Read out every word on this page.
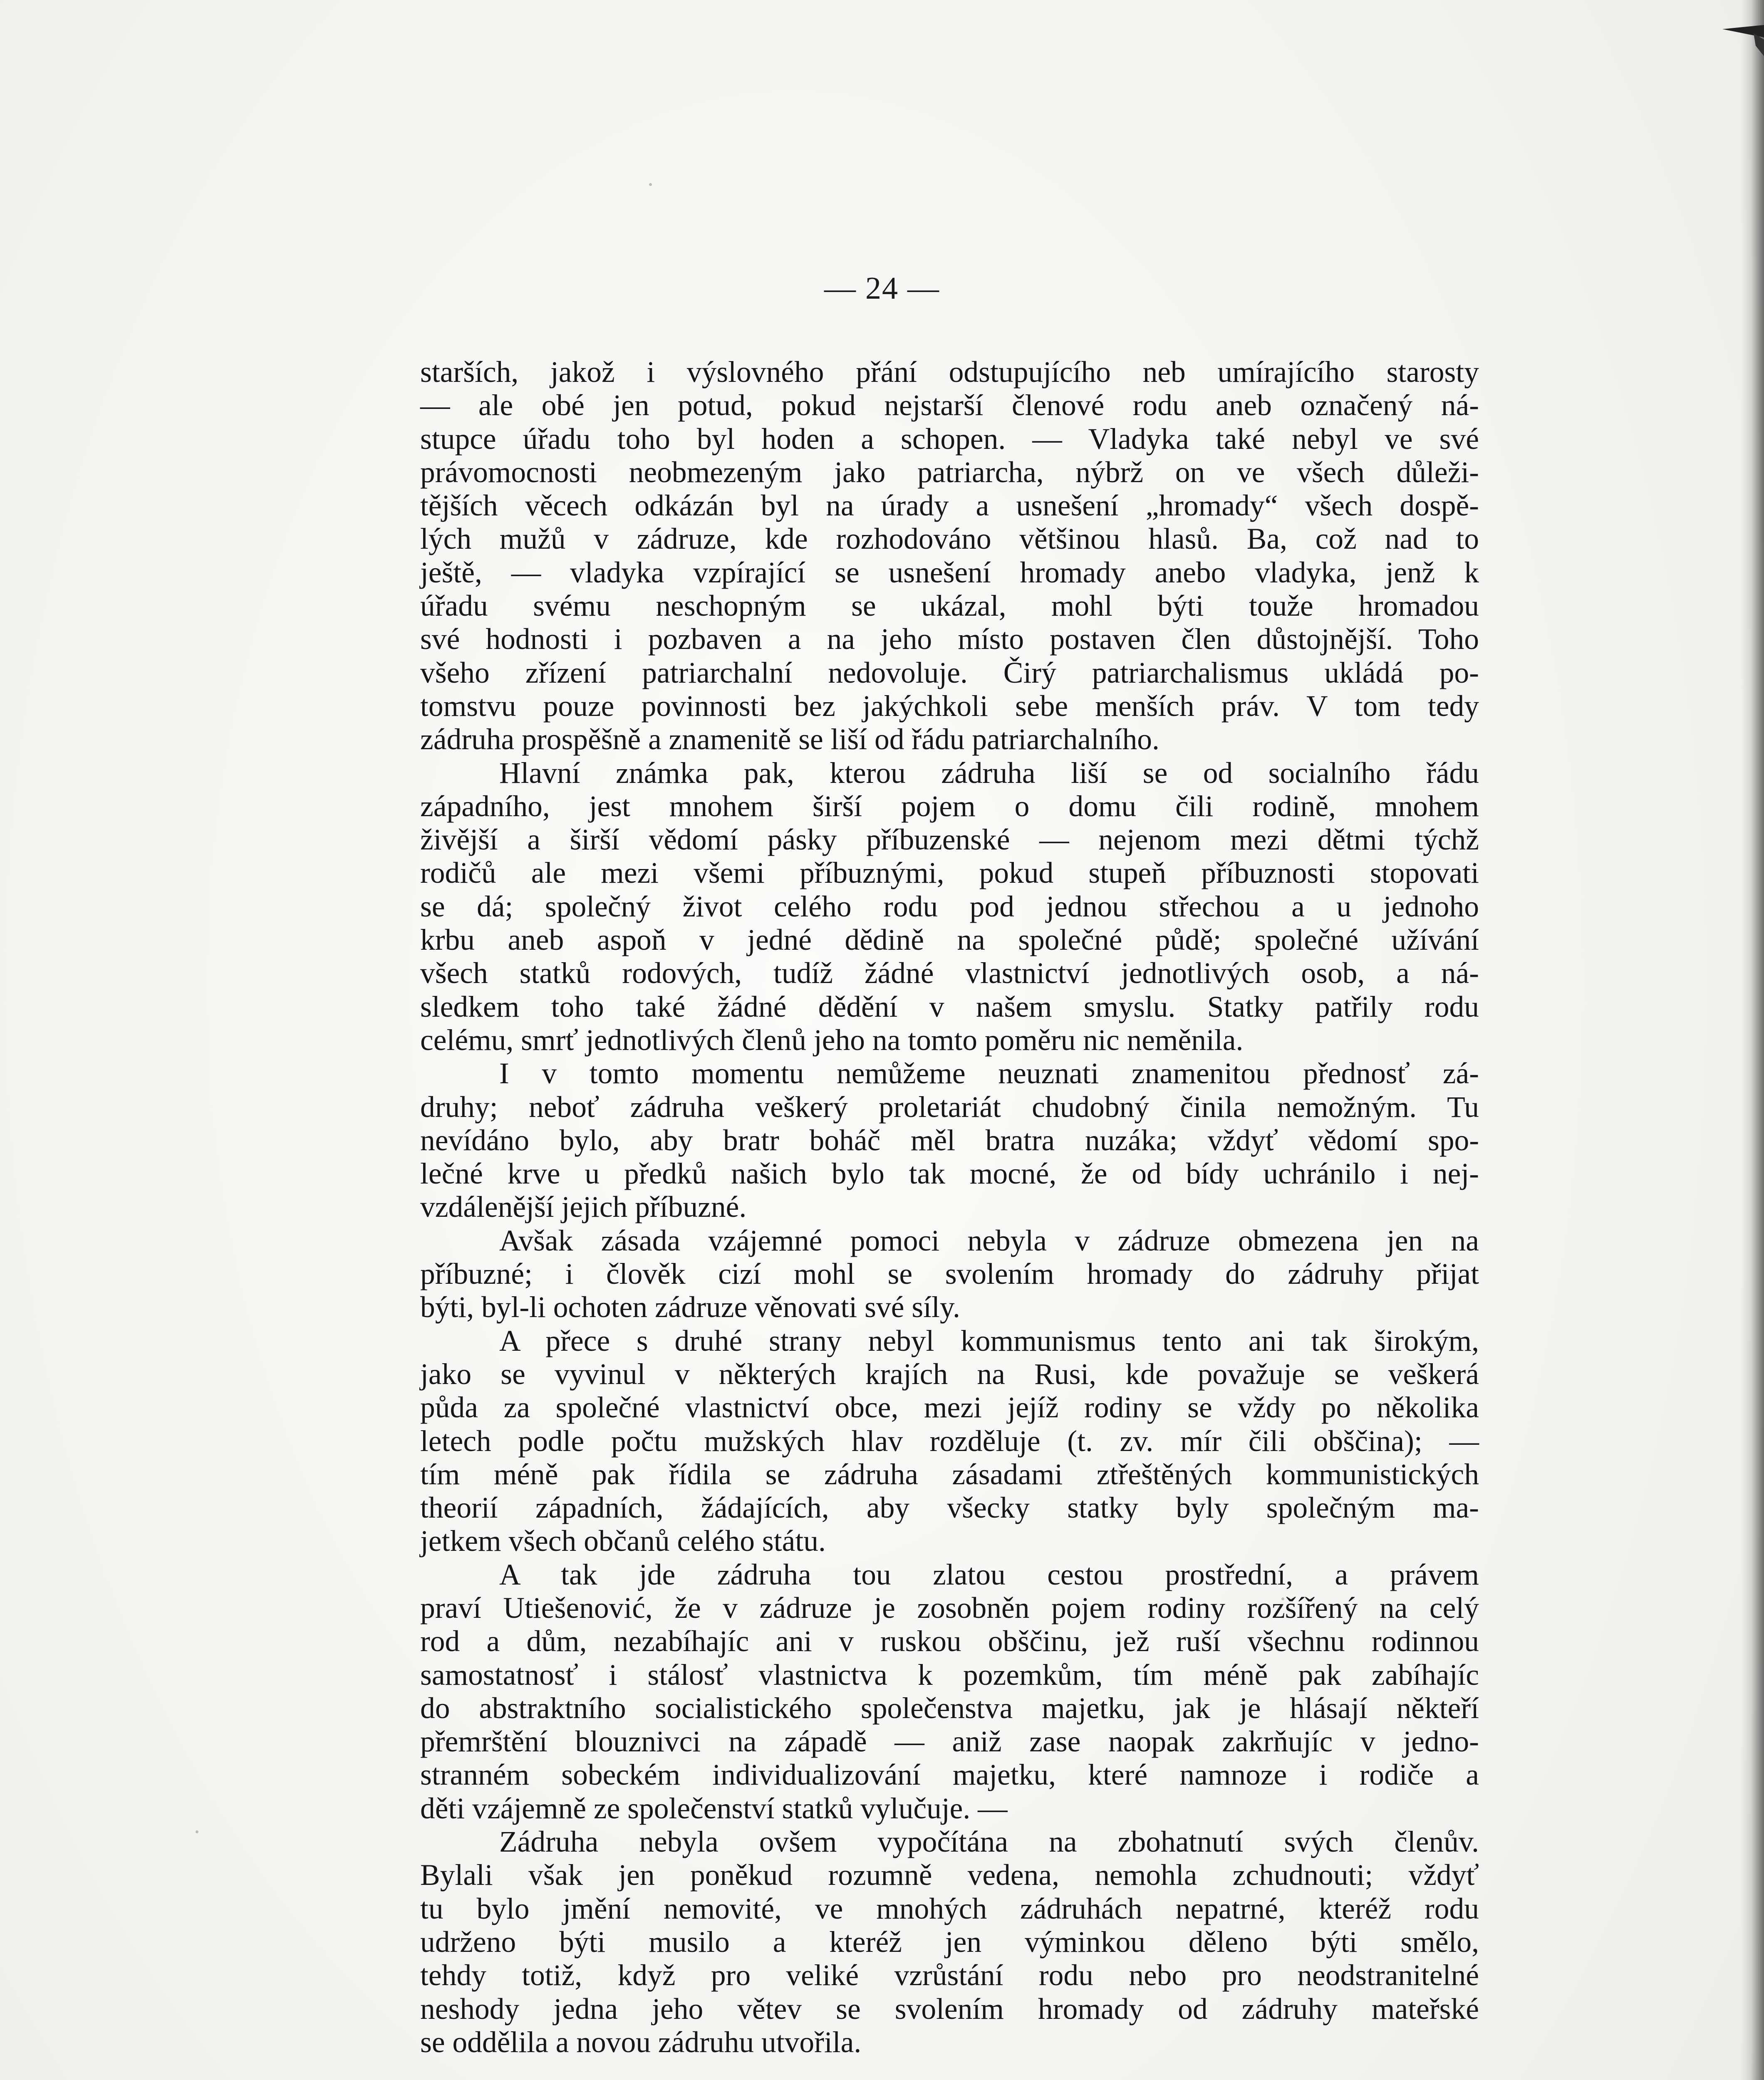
— 24 —
starších, jakož i výslovného přání odstupujícího neb umírajícího starosty
— ale obé jen potud, pokud nejstarší členové rodu aneb označený ná-
stupce úřadu toho byl hoden a schopen. — Vladyka také nebyl ve své
právomocnosti neobmezeným jako patriarcha, nýbrž on ve všech důleži-
tějších věcech odkázán byl na úrady a usnešení „hromady“ všech dospě-
lých mužů v zádruze, kde rozhodováno většinou hlasů. Ba, což nad to
ještě, — vladyka vzpírající se usnešení hromady anebo vladyka, jenž k
úřadu svému neschopným se ukázal, mohl býti touže hromadou
své hodnosti i pozbaven a na jeho místo postaven člen důstojnější. Toho
všeho zřízení patriarchalní nedovoluje. Čirý patriarchalismus ukládá po-
tomstvu pouze povinnosti bez jakýchkoli sebe menších práv. V tom tedy
zádruha prospěšně a znamenitě se liší od řádu patriarchalního.
Hlavní známka pak, kterou zádruha liší se od socialního řádu
západního, jest mnohem širší pojem o domu čili rodině, mnohem
živější a širší vědomí pásky příbuzenské — nejenom mezi dětmi týchž
rodičů ale mezi všemi příbuznými, pokud stupeň příbuznosti stopovati
se dá; společný život celého rodu pod jednou střechou a u jednoho
krbu aneb aspoň v jedné dědině na společné půdě; společné užívání
všech statků rodových, tudíž žádné vlastnictví jednotlivých osob, a ná-
sledkem toho také žádné dědění v našem smyslu. Statky patřily rodu
celému, smrť jednotlivých členů jeho na tomto poměru nic neměnila.
I v tomto momentu nemůžeme neuznati znamenitou přednosť zá-
druhy; neboť zádruha veškerý proletariát chudobný činila nemožným. Tu
nevídáno bylo, aby bratr boháč měl bratra nuzáka; vždyť vědomí spo-
lečné krve u předků našich bylo tak mocné, že od bídy uchránilo i nej-
vzdálenější jejich příbuzné.
Avšak zásada vzájemné pomoci nebyla v zádruze obmezena jen na
příbuzné; i člověk cizí mohl se svolením hromady do zádruhy přijat
býti, byl-li ochoten zádruze věnovati své síly.
A přece s druhé strany nebyl kommunismus tento ani tak širokým,
jako se vyvinul v některých krajích na Rusi, kde považuje se veškerá
půda za společné vlastnictví obce, mezi jejíž rodiny se vždy po několika
letech podle počtu mužských hlav rozděluje (t. zv. mír čili obščina); —
tím méně pak řídila se zádruha zásadami ztřeštěných kommunistických
theorií západních, žádajících, aby všecky statky byly společným ma-
jetkem všech občanů celého státu.
A tak jde zádruha tou zlatou cestou prostřední, a právem
praví Utiešenović, že v zádruze je zosobněn pojem rodiny rozšířený na celý
rod a dům, nezabíhajíc ani v ruskou obščinu, jež ruší všechnu rodinnou
samostatnosť i stálosť vlastnictva k pozemkům, tím méně pak zabíhajíc
do abstraktního socialistického společenstva majetku, jak je hlásají někteří
přemrštění blouznivci na západě — aniž zase naopak zakrňujíc v jedno-
stranném sobeckém individualizování majetku, které namnoze i rodiče a
děti vzájemně ze společenství statků vylučuje. —
Zádruha nebyla ovšem vypočítána na zbohatnutí svých členův.
Bylali však jen poněkud rozumně vedena, nemohla zchudnouti; vždyť
tu bylo jmění nemovité, ve mnohých zádruhách nepatrné, kteréž rodu
udrženo býti musilo a kteréž jen výminkou děleno býti smělo,
tehdy totiž, když pro veliké vzrůstání rodu nebo pro neodstranitelné
neshody jedna jeho větev se svolením hromady od zádruhy mateřské
se oddělila a novou zádruhu utvořila.
